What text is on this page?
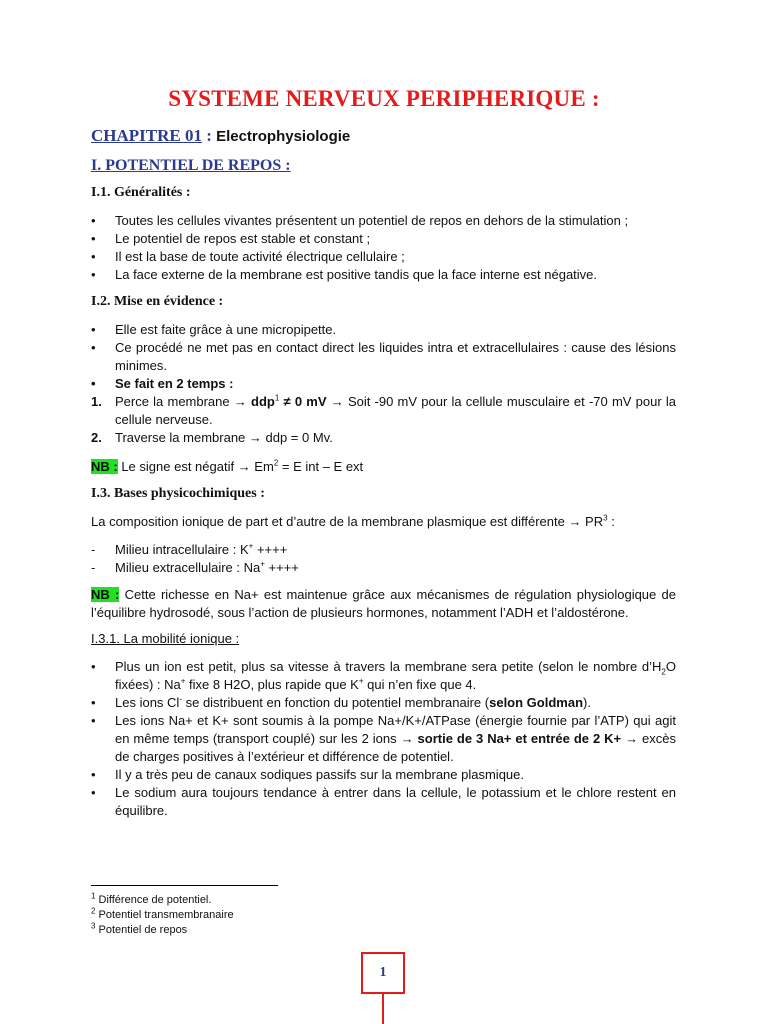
SYSTEME NERVEUX PERIPHERIQUE :
CHAPITRE 01 : Electrophysiologie
I. POTENTIEL DE REPOS :
I.1. Généralités :
• Toutes les cellules vivantes présentent un potentiel de repos en dehors de la stimulation ;
• Le potentiel de repos est stable et constant ;
• Il est la base de toute activité électrique cellulaire ;
• La face externe de la membrane est positive tandis que la face interne est négative.
I.2. Mise en évidence :
• Elle est faite grâce à une micropipette.
• Ce procédé ne met pas en contact direct les liquides intra et extracellulaires : cause des lésions minimes.
• Se fait en 2 temps :
1. Perce la membrane → ddp$^1$ ≠ 0 mV → Soit -90 mV pour la cellule musculaire et -70 mV pour la cellule nerveuse.
2. Traverse la membrane → ddp = 0 Mv.
NB : Le signe est négatif → $Em^2 = E$ int – E ext
I.3. Bases physicochimiques :
La composition ionique de part et d’autre de la membrane plasmique est différente → $PR^3$ :
- Milieu intracellulaire : K+ ++++
- Milieu extracellulaire : Na+ ++++
NB : Cette richesse en Na+ est maintenue grâce aux mécanismes de régulation physiologique de l’équilibre hydrosodé, sous l’action de plusieurs hormones, notamment l’ADH et l’aldostérone.
I.3.1. La mobilité ionique :
• Plus un ion est petit, plus sa vitesse à travers la membrane sera petite (selon le nombre $d’H_2O$ fixées) : Na+ fixe 8 H2O, plus rapide que K+ qui n’en fixe que 4.
• Les ions Cl- se distribuent en fonction du potentiel membranaire (selon Goldman).
• Les ions Na+ et K+ sont soumis à la pompe Na+/K+/ATPase (énergie fournie par l’ATP) qui agit en même temps (transport couplé) sur les 2 ions → sortie de 3 Na+ et entrée de 2 K+ → excès de charges positives à l’extérieur et différence de potentiel.
• Il y a très peu de canaux sodiques passifs sur la membrane plasmique.
• Le sodium aura toujours tendance à entrer dans la cellule, le potassium et le chlore restent en équilibre.
$^1$ Différence de potentiel.
$^2$ Potentiel transmembranaire
$^3$ Potentiel de repos
1
